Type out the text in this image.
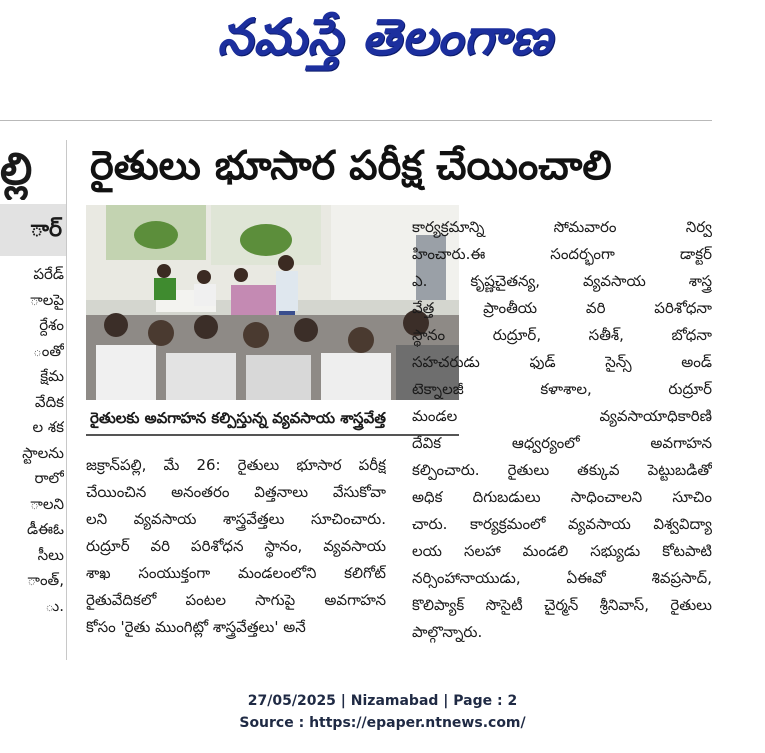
నమస్తే తెలంగాణ
ల్లి
ార్
పరేడ్
ాలపై
ర్దేశం
ంతో
క్షేమ
వేదిక
ల శక
స్టాలను
రాలో
ాలని
డీఈఓ
సీలు
ాంత్,
ు.
రైతులు భూసార పరీక్ష చేయించాలి
రైతులకు అవగాహన కల్పిస్తున్న వ్యవసాయ శాస్త్రవేత్త
జక్రాన్‌పల్లి, మే 26: రైతులు భూసార పరీక్ష
చేయించిన అనంతరం విత్తనాలు వేసుకోవా
లని వ్యవసాయ శాస్త్రవేత్తలు సూచించారు.
రుద్రూర్ వరి పరిశోధన స్థానం, వ్యవసాయ
శాఖ సంయుక్తంగా మండలంలోని కలిగోట్
రైతువేదికలో పంటల సాగుపై అవగాహన
కోసం 'రైతు ముంగిట్లో శాస్త్రవేత్తలు' అనే
కార్యక్రమాన్ని సోమవారం నిర్వ
హించారు.ఈ సందర్భంగా డాక్టర్
ఎ. కృష్ణచైతన్య, వ్యవసాయ శాస్త్ర
వేత్త ప్రాంతీయ వరి పరిశోధనా
స్థానం రుద్రూర్, సతీశ్, బోధనా
సహచరుడు ఫుడ్ సైన్స్ అండ్
టెక్నాలజీ కళాశాల, రుద్రూర్
మండల వ్యవసాయాధికారిణి
దేవిక ఆధ్వర్యంలో అవగాహన
కల్పించారు. రైతులు తక్కువ పెట్టుబడితో
అధిక దిగుబడులు సాధించాలని సూచిం
చారు. కార్యక్రమంలో వ్యవసాయ విశ్వవిద్యా
లయ సలహా మండలి సభ్యుడు కోటపాటి
నర్సింహానాయుడు, ఏఈవో శివప్రసాద్,
కొలిప్యాక్ సొసైటీ చైర్మన్ శ్రీనివాస్, రైతులు
పాల్గొన్నారు.
27/05/2025 | Nizamabad | Page : 2
Source : https://epaper.ntnews.com/
